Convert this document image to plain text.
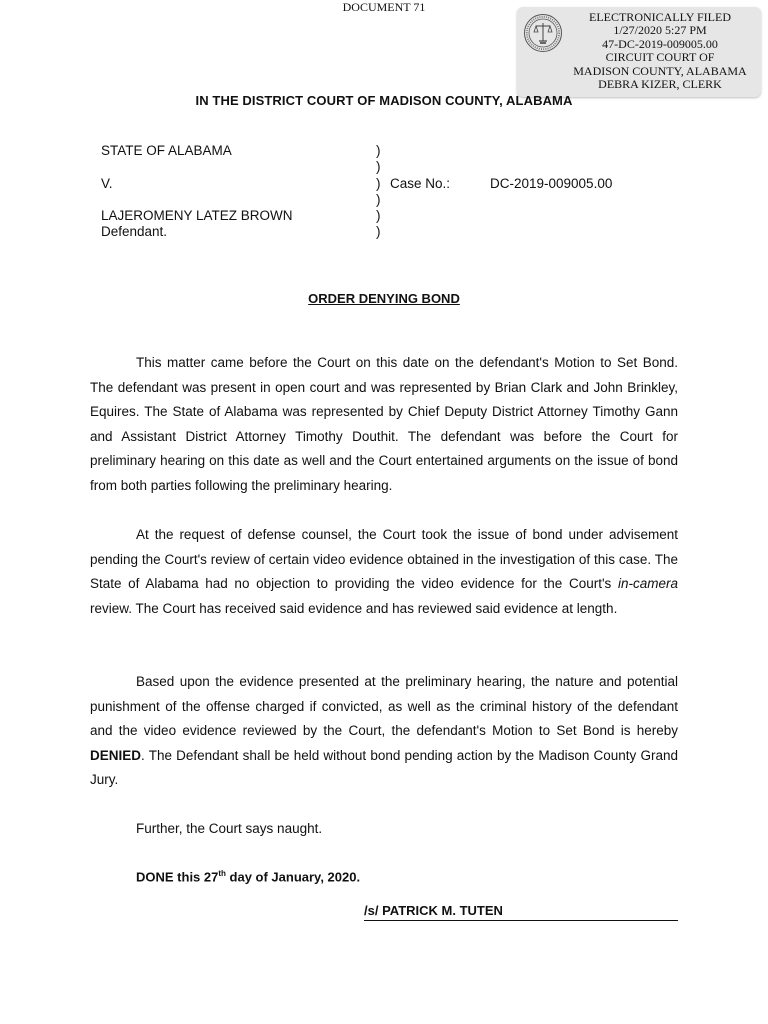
DOCUMENT 71
ELECTRONICALLY FILED
1/27/2020 5:27 PM
47-DC-2019-009005.00
CIRCUIT COURT OF
MADISON COUNTY, ALABAMA
DEBRA KIZER, CLERK
IN THE DISTRICT COURT OF MADISON COUNTY, ALABAMA
STATE OF ALABAMA
V.
LAJEROMENY LATEZ BROWN
Defendant.
)
)
)
)
)
)
Case No.:	DC-2019-009005.00
ORDER DENYING BOND

This matter came before the Court on this date on the defendant's Motion to Set Bond. The defendant was present in open court and was represented by Brian Clark and John Brinkley, Equires. The State of Alabama was represented by Chief Deputy District Attorney Timothy Gann and Assistant District Attorney Timothy Douthit. The defendant was before the Court for preliminary hearing on this date as well and the Court entertained arguments on the issue of bond from both parties following the preliminary hearing.

At the request of defense counsel, the Court took the issue of bond under advisement pending the Court's review of certain video evidence obtained in the investigation of this case. The State of Alabama had no objection to providing the video evidence for the Court's in-camera review. The Court has received said evidence and has reviewed said evidence at length.

Based upon the evidence presented at the preliminary hearing, the nature and potential punishment of the offense charged if convicted, as well as the criminal history of the defendant and the video evidence reviewed by the Court, the defendant's Motion to Set Bond is hereby DENIED. The Defendant shall be held without bond pending action by the Madison County Grand Jury.

Further, the Court says naught.

DONE this 27th day of January, 2020.
/s/ PATRICK M. TUTEN
